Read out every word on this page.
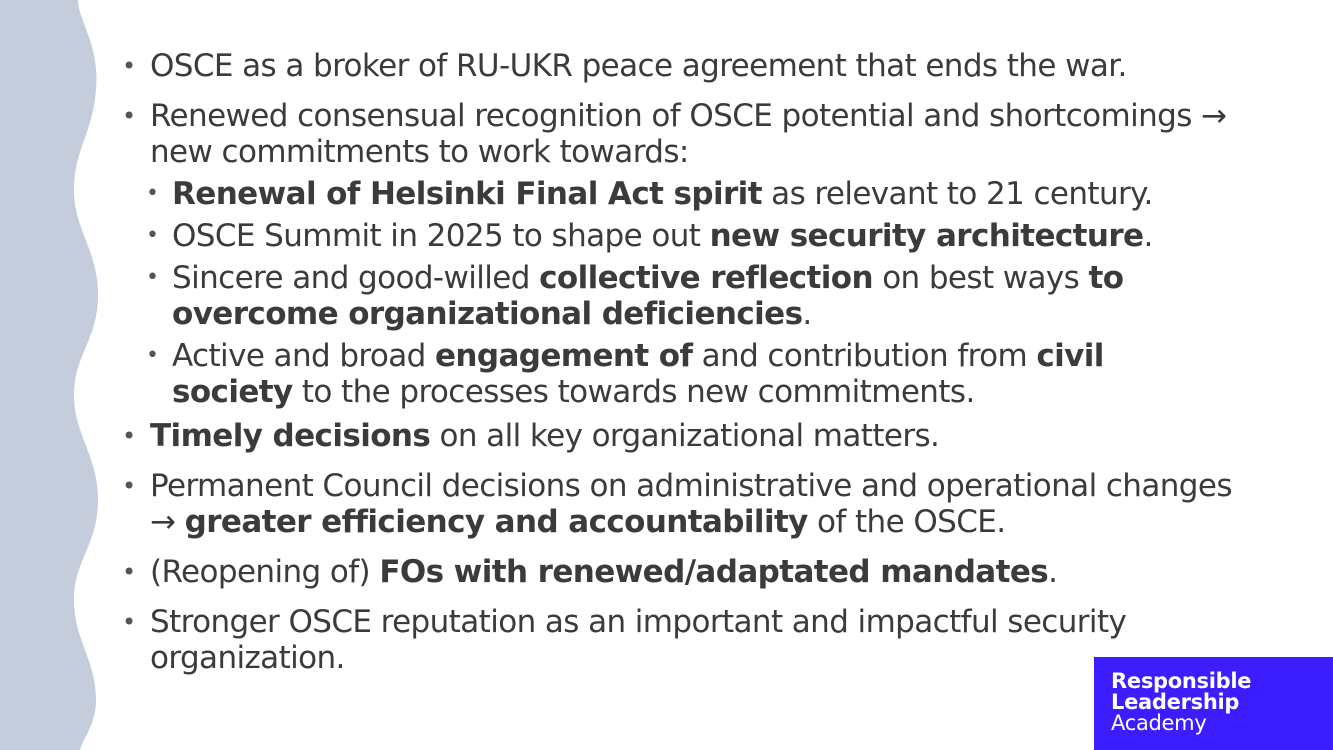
• OSCE as a broker of RU-UKR peace agreement that ends the war.
• Renewed consensual recognition of OSCE potential and shortcomings → new commitments to work towards:
• Renewal of Helsinki Final Act spirit as relevant to 21 century.
• OSCE Summit in 2025 to shape out new security architecture.
• Sincere and good-willed collective reflection on best ways to overcome organizational deficiencies.
• Active and broad engagement of and contribution from civil society to the processes towards new commitments.
• Timely decisions on all key organizational matters.
• Permanent Council decisions on administrative and operational changes → greater efficiency and accountability of the OSCE.
• (Reopening of) FOs with renewed/adaptated mandates.
• Stronger OSCE reputation as an important and impactful security organization.
Responsible
Leadership
Academy
